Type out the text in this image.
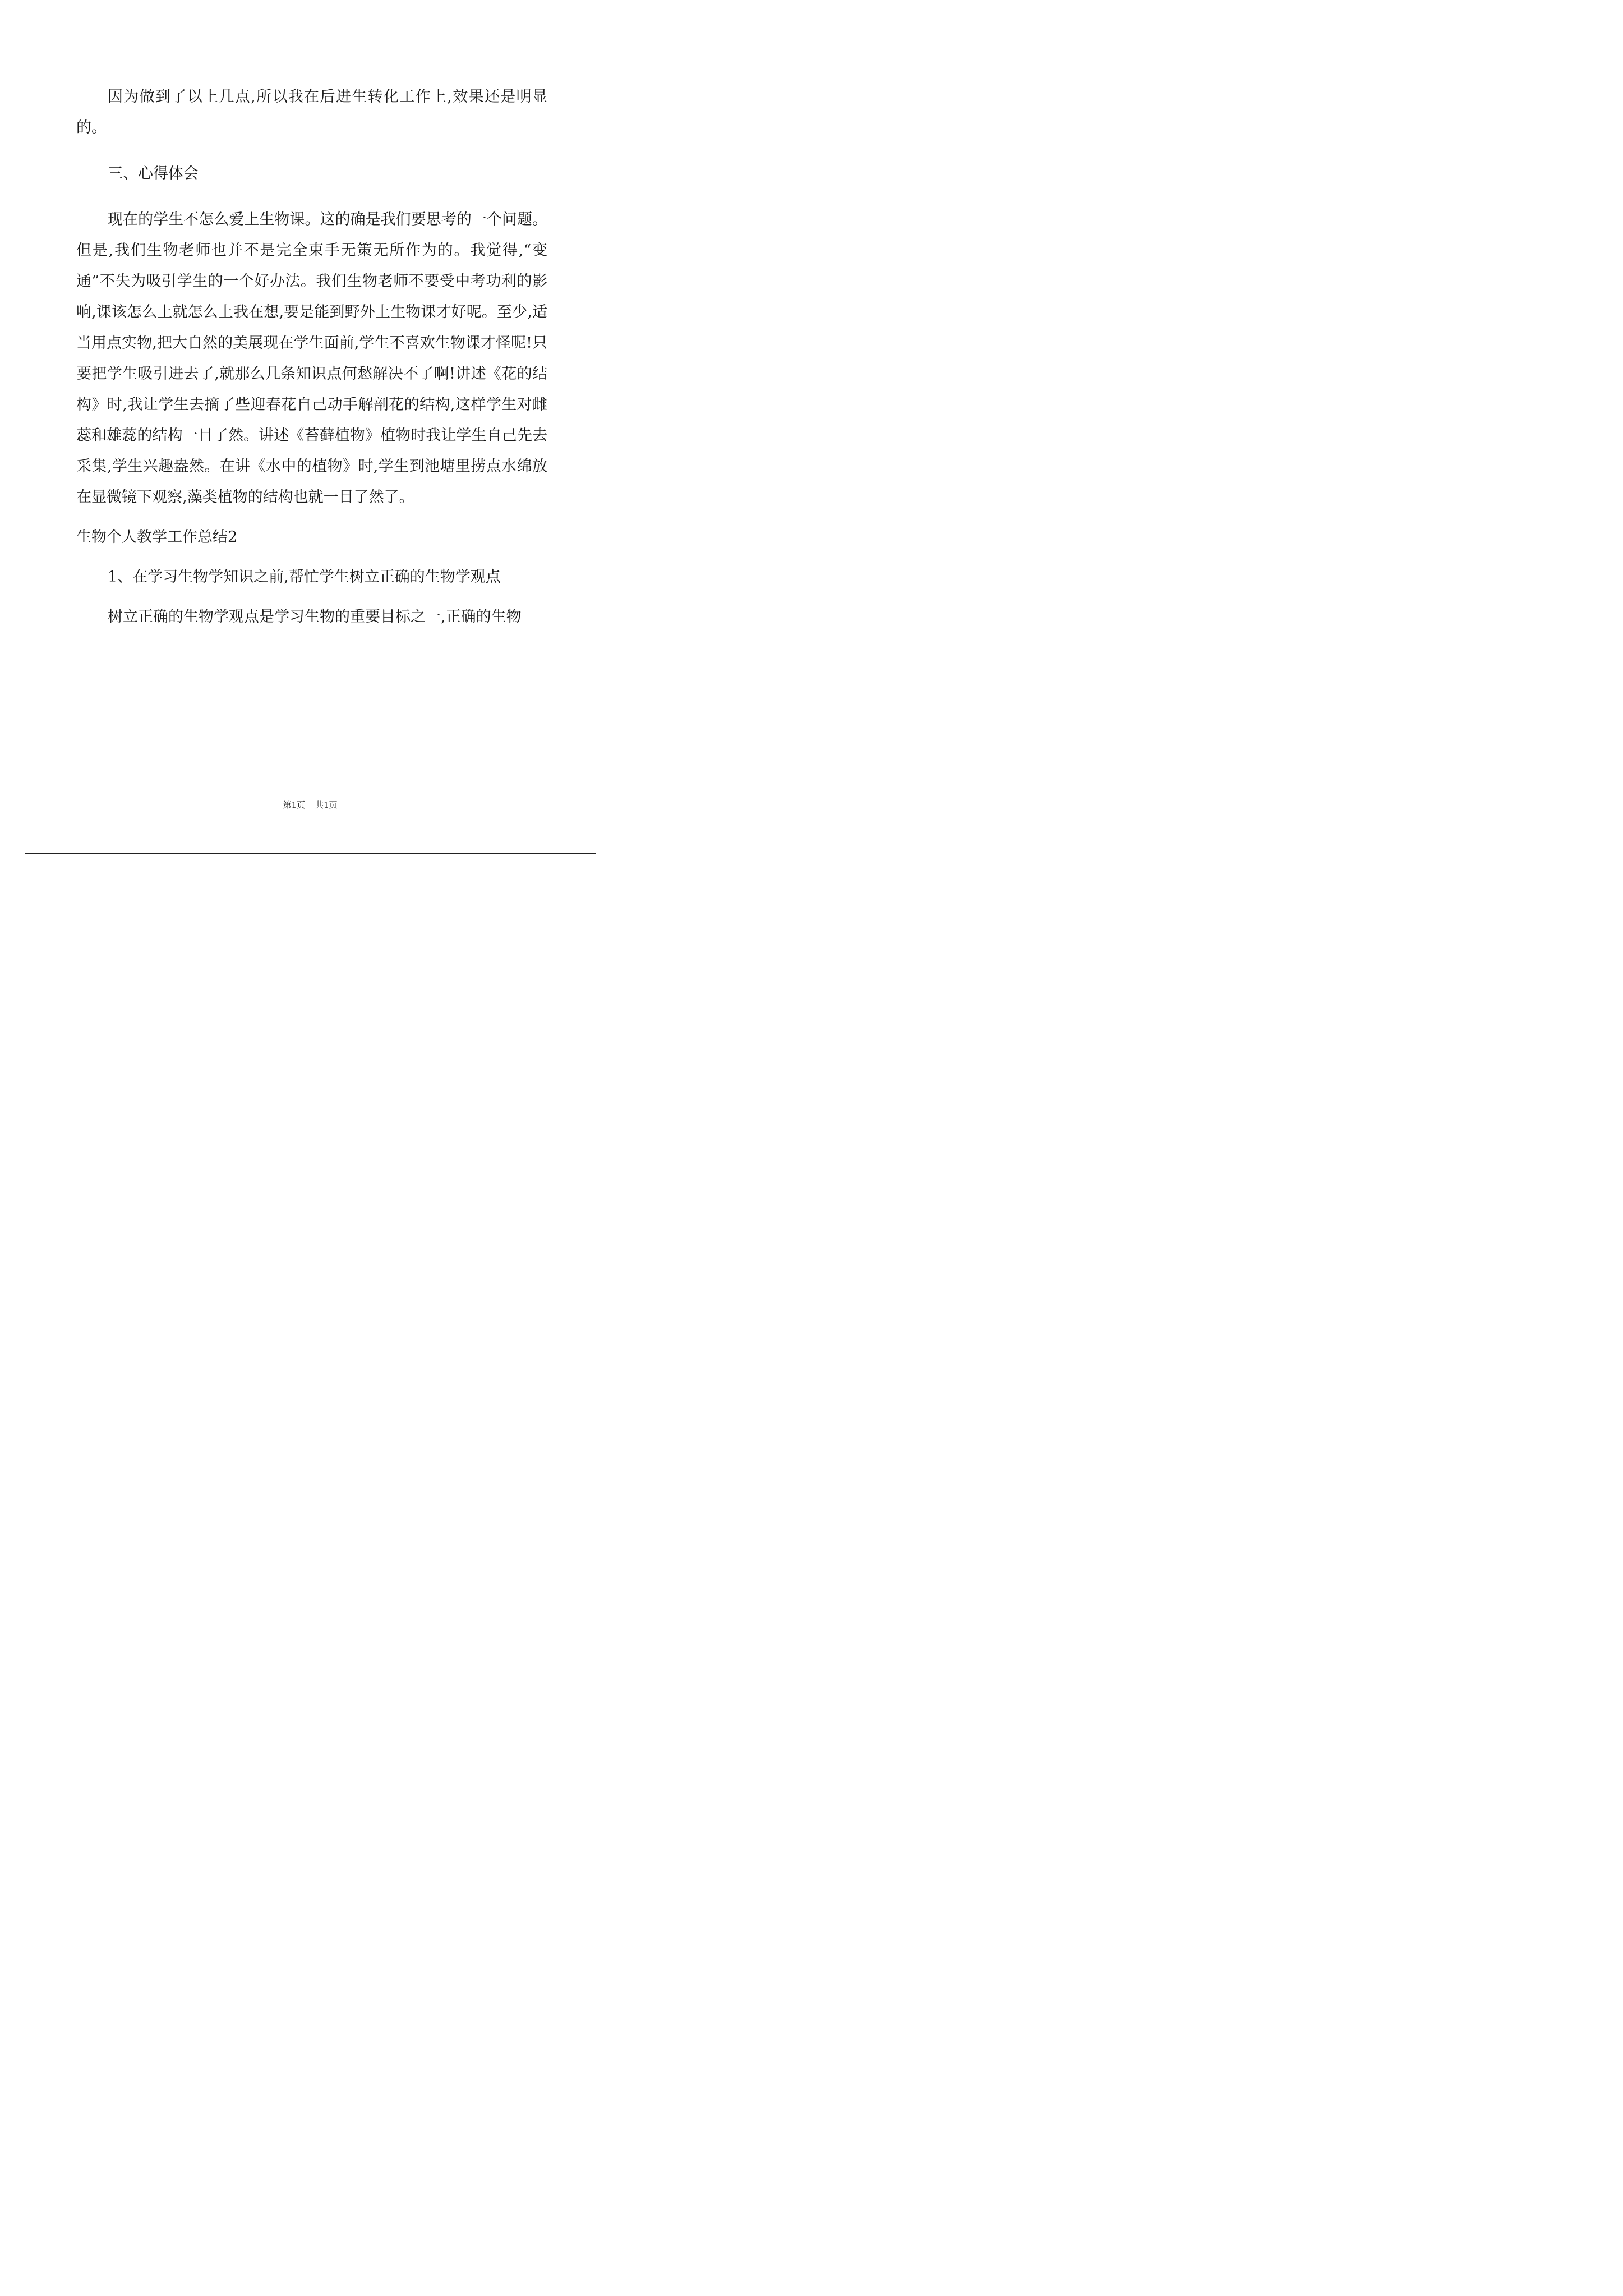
因为做到了以上几点,所以我在后进生转化工作上,效果还是明显的。

三、心得体会

现在的学生不怎么爱上生物课。这的确是我们要思考的一个问题。但是,我们生物老师也并不是完全束手无策无所作为的。我觉得,“变通”不失为吸引学生的一个好办法。我们生物老师不要受中考功利的影响,课该怎么上就怎么上我在想,要是能到野外上生物课才好呢。至少,适当用点实物,把大自然的美展现在学生面前,学生不喜欢生物课才怪呢!只要把学生吸引进去了,就那么几条知识点何愁解决不了啊!讲述《花的结构》时,我让学生去摘了些迎春花自己动手解剖花的结构,这样学生对雌蕊和雄蕊的结构一目了然。讲述《苔藓植物》植物时我让学生自己先去采集,学生兴趣盎然。在讲《水中的植物》时,学生到池塘里捞点水绵放在显微镜下观察,藻类植物的结构也就一目了然了。

生物个人教学工作总结2

1、在学习生物学知识之前,帮忙学生树立正确的生物学观点

树立正确的生物学观点是学习生物的重要目标之一,正确的生物

第1页 共1页
